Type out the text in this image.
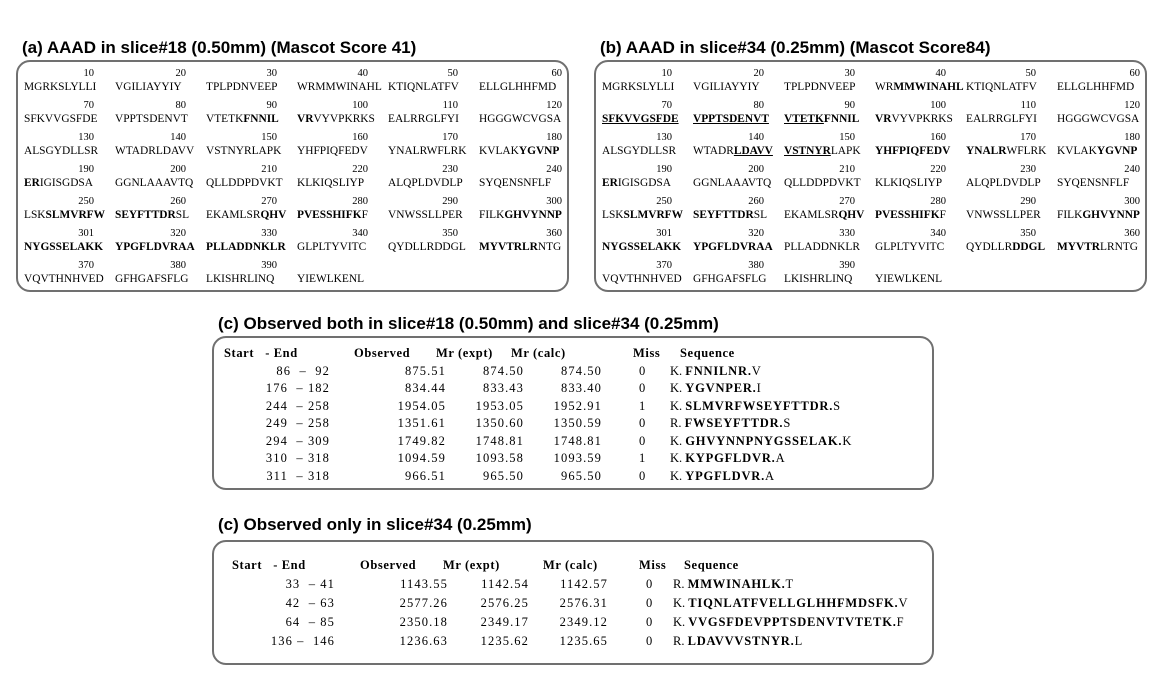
(a) AAAD in slice#18 (0.50mm) (Mascot Score 41)
10	20	30	40	50	60
MGRKSLYLLI VGILIAYYIY TPLPDNVEEP WRMMWINAHL KTIQNLATFV ELLGLHHFMD
70	80	90	100	110	120
SFKVVGSFDE VPPTSDENVT VTETKFNNIL VRVYVPKRKS EALRRGLFYI HGGGWCVGSA
130	140	150	160	170	180
ALSGYDLLSR WTADRLDAVV VSTNYRLAPK YHFPIQFEDV YNALRWFLRK KVLAKYGVNP
190	200	210	220	230	240
ERIGISGDSA GGNLAAAVTQ QLLDDPDVKT KLKIQSLIYP ALQPLDVDLP SYQENSNFLF
250	260	270	280	290	300
LSKSLMVRFW SEYFTTDRSL EKAMLSRQHV PVESSHIFKF VNWSSLLPER FILKGHVYNNP
301	320	330	340	350	360
NYGSSELAKK YPGFLDVRAA PLLADDNKLR GLPLTYVITC QYDLLRDDGL MYVTRLRNTG
370	380	390
VQVTHNHVED GFHGAFSFLG LKISHRLINQ YIEWLKENL
(b) AAAD in slice#34 (0.25mm) (Mascot Score84)
10	20	30	40	50	60
MGRKSLYLLI VGILIAYYIY TPLPDNVEEP WRMMWINAHL KTIQNLATFV ELLGLHHFMD
70	80	90	100	110	120
SFKVVGSFDE VPPTSDENVT VTETKFNNIL VRVYVPKRKS EALRRGLFYI HGGGWCVGSA
130	140	150	160	170	180
ALSGYDLLSR WTADRLDAVV VSTNYRLAPK YHFPIQFEDV YNALRWFLRK KVLAKYGVNP
190	200	210	220	230	240
ERIGISGDSA GGNLAAAVTQ QLLDDPDVKT KLKIQSLIYP ALQPLDVDLP SYQENSNFLF
250	260	270	280	290	300
LSKSLMVRFW SEYFTTDRSL EKAMLSRQHV PVESSHIFKF VNWSSLLPER FILKGHVYNNP
301	320	330	340	350	360
NYGSSELAKK YPGFLDVRAA PLLADDNKLR GLPLTYVITC QYDLLRDDGL MYVTRLRNTG
370	380	390
VQVTHNHVED GFHGAFSFLG LKISHRLINQ YIEWLKENL
(c) Observed both in slice#18 (0.50mm) and slice#34 (0.25mm)
Start   - End	Observed Mr (expt) Mr (calc)	Miss Sequence
86  –  92	875.51	874.50	874.50	0 K. FNNILNR.V
176  – 182	834.44	833.43	833.40	0 K. YGVNPER.I
244  – 258	1954.05 1953.05 1952.91	1 K. SLMVRFWSEYFTTDR.S
249  – 258	1351.61 1350.60 1350.59	0 R. FWSEYFTTDR.S
294  – 309	1749.82 1748.81 1748.81	0 K. GHVYNNPNYGSSELAK.K
310  – 318	1094.59 1093.58 1093.59	1 K. KYPGFLDVR.A
311  – 318	966.51	965.50	965.50	0 K. YPGFLDVR.A
(c) Observed only in slice#34 (0.25mm)
Start   - End	Observed Mr (expt)	Mr (calc)	Miss Sequence
33  – 41	1143.55	1142.54 1142.57	0 R. MMWINAHLK.T
42  – 63	2577.26	2576.25 2576.31	0 K. TIQNLATFVELLGLHHFMDSFK.V
64  – 85	2350.18	2349.17 2349.12	0 K. VVGSFDEVPPTSDENVTVTETK.F
136 –  146	1236.63	1235.62 1235.65	0 R. LDAVVVSTNYR.L
